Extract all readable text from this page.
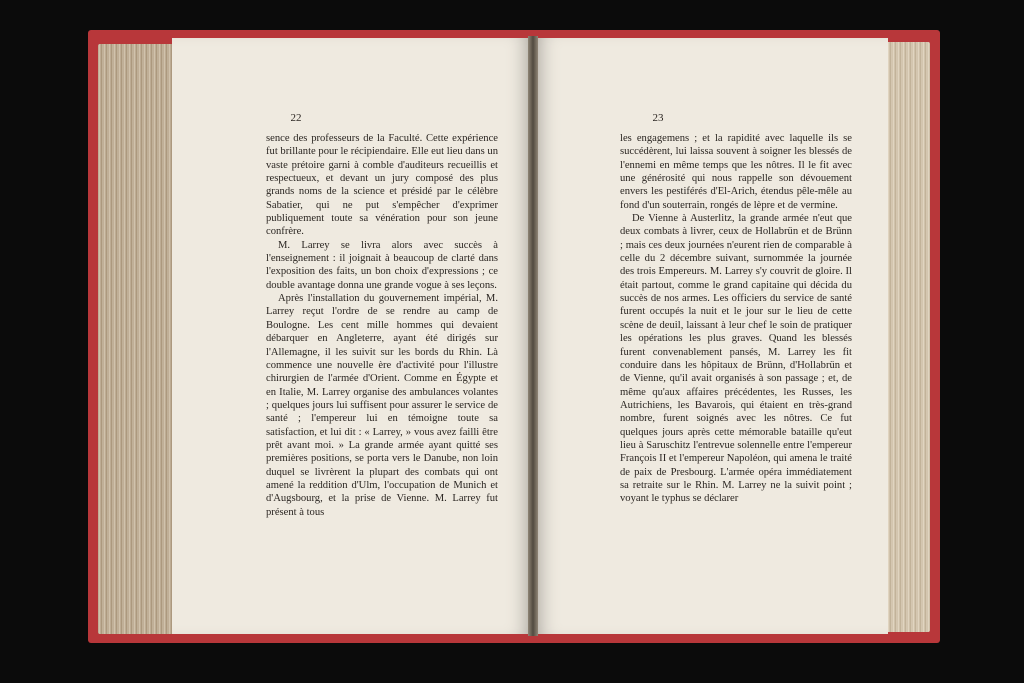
22

sence des professeurs de la Faculté. Cette expérience fut brillante pour le récipiendaire. Elle eut lieu dans un vaste prétoire garni à comble d'auditeurs recueillis et respectueux, et devant un jury composé des plus grands noms de la science et présidé par le célèbre Sabatier, qui ne put s'empêcher d'exprimer publiquement toute sa vénération pour son jeune confrère.

M. Larrey se livra alors avec succès à l'enseignement : il joignait à beaucoup de clarté dans l'exposition des faits, un bon choix d'expressions ; ce double avantage donna une grande vogue à ses leçons.

Après l'installation du gouvernement impérial, M. Larrey reçut l'ordre de se rendre au camp de Boulogne. Les cent mille hommes qui devaient débarquer en Angleterre, ayant été dirigés sur l'Allemagne, il les suivit sur les bords du Rhin. Là commence une nouvelle ère d'activité pour l'illustre chirurgien de l'armée d'Orient. Comme en Égypte et en Italie, M. Larrey organise des ambulances volantes ; quelques jours lui suffisent pour assurer le service de santé ; l'empereur lui en témoigne toute sa satisfaction, et lui dit : « Larrey, » vous avez failli être prêt avant moi. » La grande armée ayant quitté ses premières positions, se porta vers le Danube, non loin duquel se livrèrent la plupart des combats qui ont amené la reddition d'Ulm, l'occupation de Munich et d'Augsbourg, et la prise de Vienne. M. Larrey fut présent à tous

23

les engagemens ; et la rapidité avec laquelle ils se succédèrent, lui laissa souvent à soigner les blessés de l'ennemi en même temps que les nôtres. Il le fit avec une générosité qui nous rappelle son dévouement envers les pestiférés d'El-Arich, étendus pêle-mêle au fond d'un souterrain, rongés de lèpre et de vermine.

De Vienne à Austerlitz, la grande armée n'eut que deux combats à livrer, ceux de Hollabrün et de Brünn ; mais ces deux journées n'eurent rien de comparable à celle du 2 décembre suivant, surnommée la journée des trois Empereurs. M. Larrey s'y couvrit de gloire. Il était partout, comme le grand capitaine qui décida du succès de nos armes. Les officiers du service de santé furent occupés la nuit et le jour sur le lieu de cette scène de deuil, laissant à leur chef le soin de pratiquer les opérations les plus graves. Quand les blessés furent convenablement pansés, M. Larrey les fit conduire dans les hôpitaux de Brünn, d'Hollabrün et de Vienne, qu'il avait organisés à son passage ; et, de même qu'aux affaires précédentes, les Russes, les Autrichiens, les Bavarois, qui étaient en très-grand nombre, furent soignés avec les nôtres. Ce fut quelques jours après cette mémorable bataille qu'eut lieu à Saruschitz l'entrevue solennelle entre l'empereur François II et l'empereur Napoléon, qui amena le traité de paix de Presbourg. L'armée opéra immédiatement sa retraite sur le Rhin. M. Larrey ne la suivit point ; voyant le typhus se déclarer
